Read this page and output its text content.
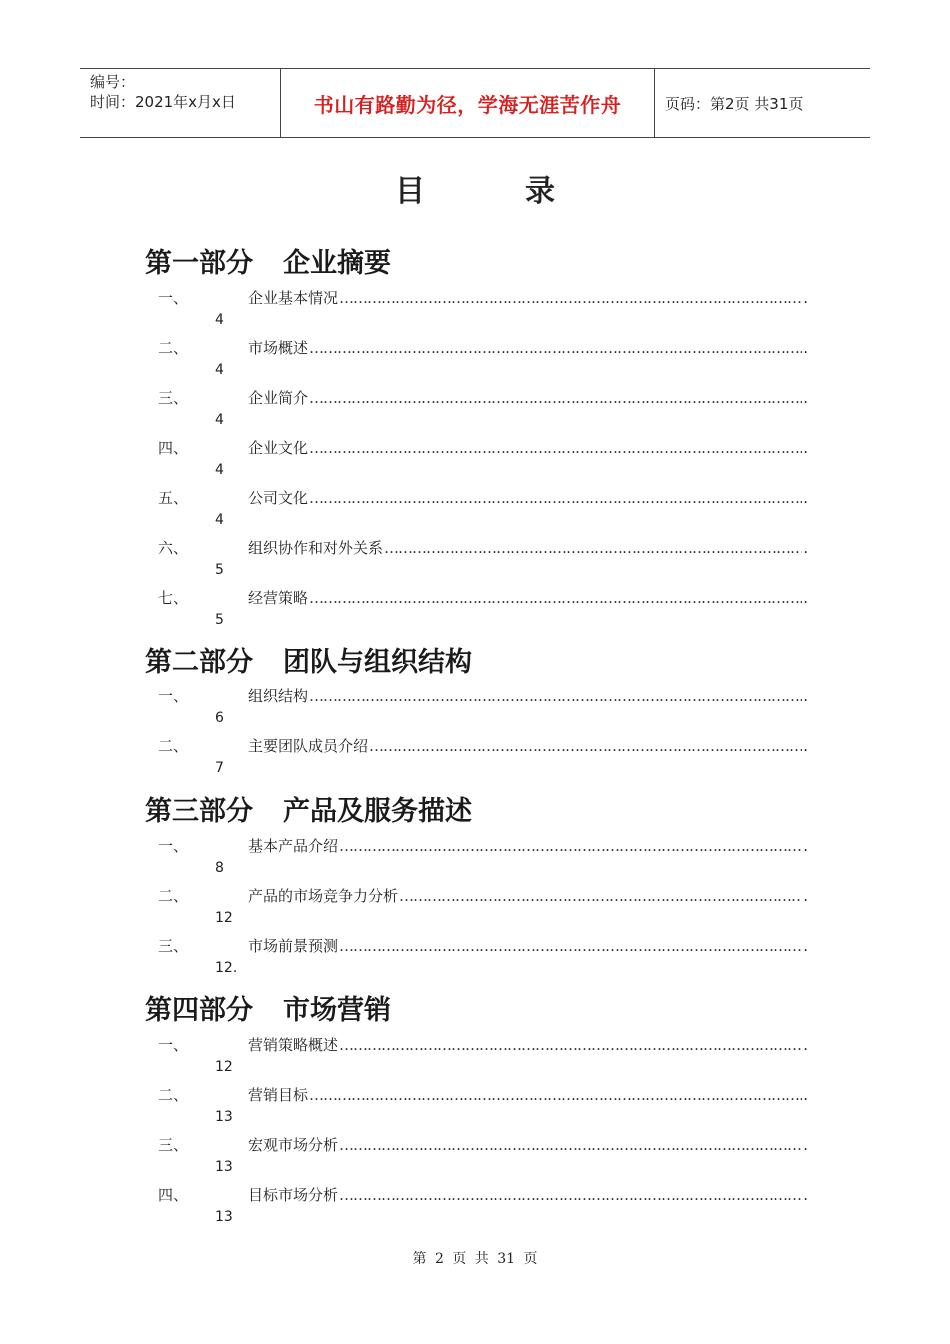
编号：
时间：2021年x月x日	书山有路勤为径，学海无涯苦作舟	页码：第2页 共31页
目	录
第一部分 企业摘要
一、	企业基本情况 ……………………………………………………………………………………………………………………………………………………………………	.
4
二、	市场概述 ……………………………………………………………………………………………………………………………………………………………………	.
4
三、	企业简介 ……………………………………………………………………………………………………………………………………………………………………	.
4
四、	企业文化 ……………………………………………………………………………………………………………………………………………………………………	.
4
五、	公司文化 ……………………………………………………………………………………………………………………………………………………………………	.
4
六、	组织协作和对外关系 ……………………………………………………………………………………………………………………………………………………………………	.
5
七、	经营策略 ……………………………………………………………………………………………………………………………………………………………………	.
5
第二部分 团队与组织结构
一、	组织结构 ……………………………………………………………………………………………………………………………………………………………………	.
6
二、	主要团队成员介绍 ……………………………………………………………………………………………………………………………………………………………………	.
7
第三部分 产品及服务描述
一、	基本产品介绍 ……………………………………………………………………………………………………………………………………………………………………	.
8
二、	产品的市场竞争力分析 ……………………………………………………………………………………………………………………………………………………………………	.
12
三、	市场前景预测 ……………………………………………………………………………………………………………………………………………………………………	.
12.
第四部分 市场营销
一、	营销策略概述 ……………………………………………………………………………………………………………………………………………………………………	.
12
二、	营销目标 ……………………………………………………………………………………………………………………………………………………………………	.
13
三、	宏观市场分析 ……………………………………………………………………………………………………………………………………………………………………	.
13
四、	目标市场分析 ……………………………………………………………………………………………………………………………………………………………………	.
13
第 2 页 共 31 页
